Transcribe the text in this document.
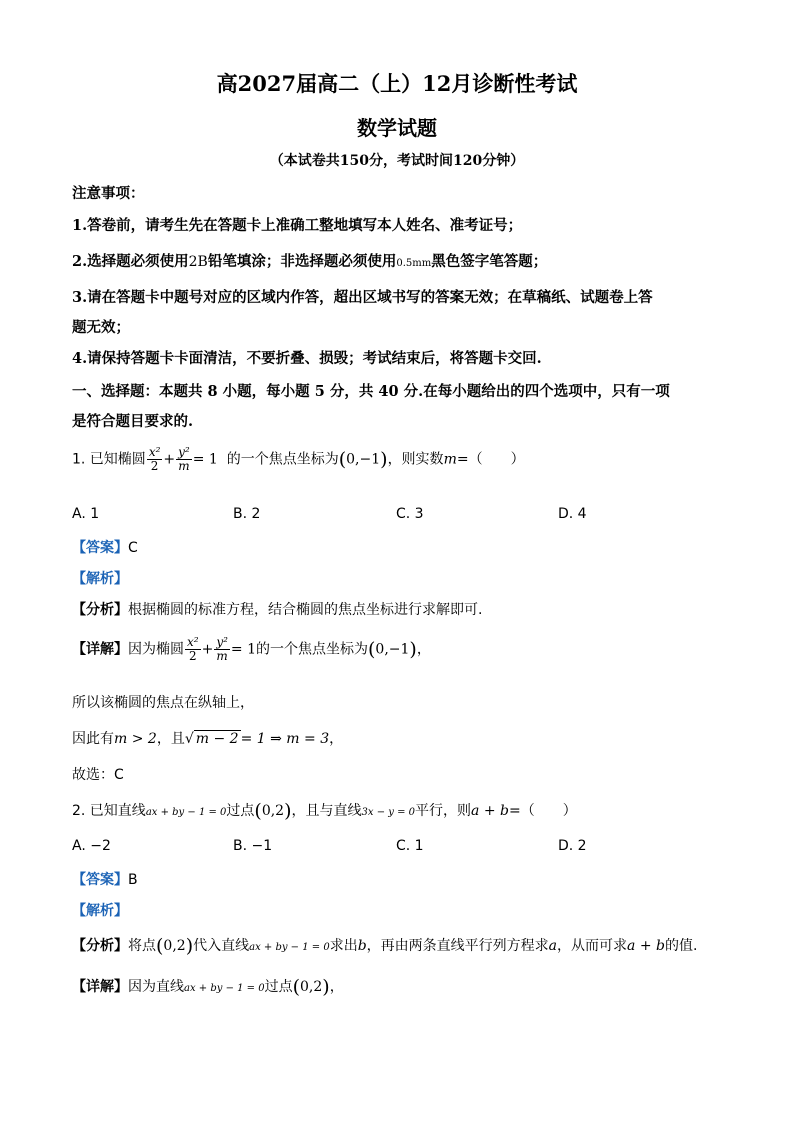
高2027届高二（上）12月诊断性考试
数学试题
（本试卷共150分，考试时间120分钟）
注意事项：
1.答卷前，请考生先在答题卡上准确工整地填写本人姓名、准考证号；
2.选择题必须使用2B铅笔填涂；非选择题必须使用0.5mm黑色签字笔答题；
3.请在答题卡中题号对应的区域内作答，超出区域书写的答案无效；在草稿纸、试题卷上答
题无效；
4.请保持答题卡卡面清洁，不要折叠、损毁；考试结束后，将答题卡交回.
一、选择题：本题共 8 小题，每小题 5 分，共 40 分.在每小题给出的四个选项中，只有一项
是符合题目要求的.
1. 已知椭圆 $\frac{\text{x²}}{2} + \frac{\text{y²}}{m} = 1$ 的一个焦点坐标为(0,−1)，则实数m=（　　）
A. 1	B. 2	C. 3	D. 4
【答案】C
【解析】
【分析】根据椭圆的标准方程，结合椭圆的焦点坐标进行求解即可.
【详解】因为椭圆 $\frac{\text{x²}}{2} + \frac{\text{y²}}{m} = 1$的一个焦点坐标为(0,−1)，
所以该椭圆的焦点在纵轴上，
因此有m > 2，且√ m − 2 = 1 ⇒ m = 3，
故选：C
2. 已知直线ax + by − 1 = 0过点(0,2)，且与直线3x − y = 0平行，则a + b=（　　）
A. −2	B. −1	C. 1	D. 2
【答案】B
【解析】
【分析】将点(0,2)代入直线ax + by − 1 = 0求出b，再由两条直线平行列方程求a，从而可求a + b的值.
【详解】因为直线ax + by − 1 = 0过点(0,2)，
